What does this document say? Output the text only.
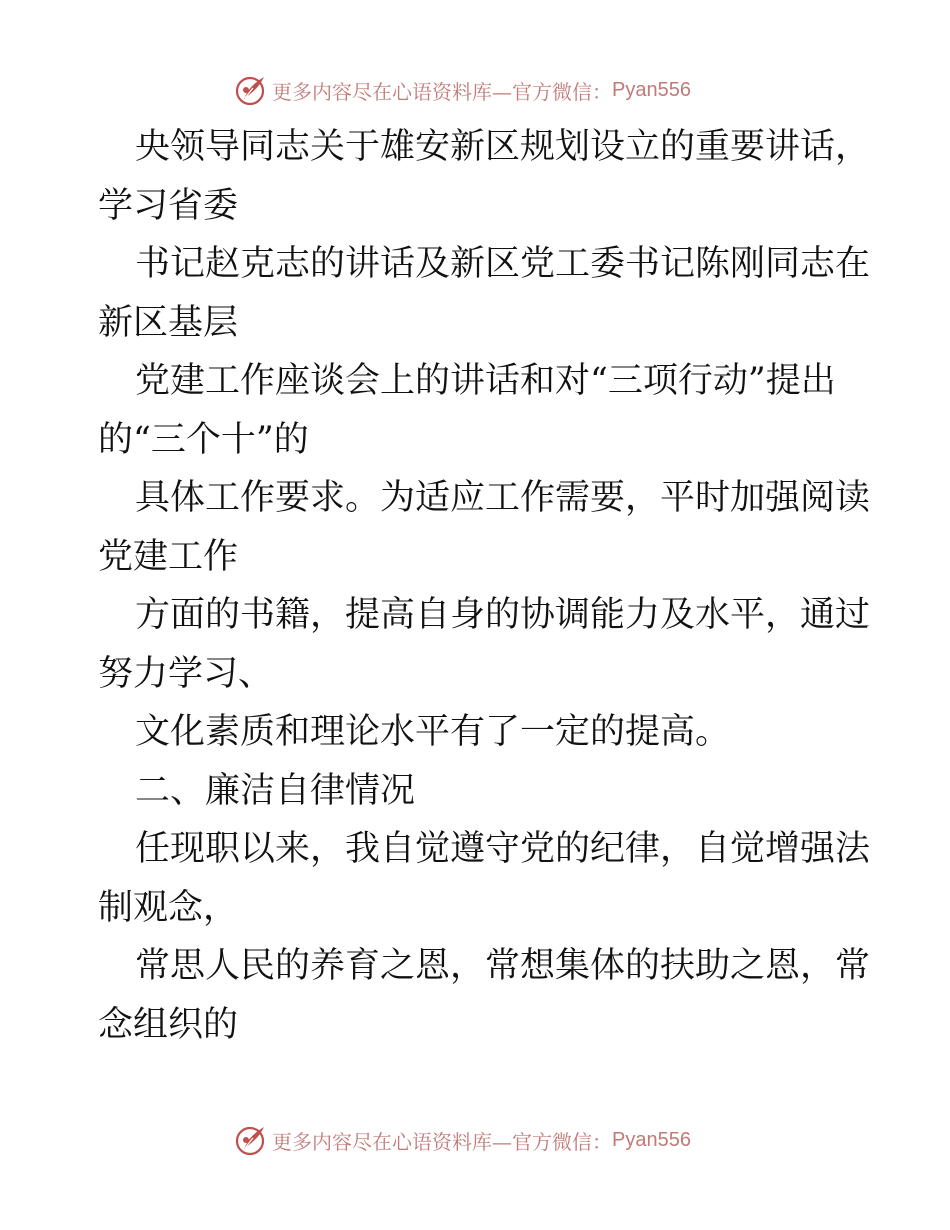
更多内容尽在心语资料库—官方微信： Pyan556
央领导同志关于雄安新区规划设立的重要讲话，
学习省委
书记赵克志的讲话及新区党工委书记陈刚同志在
新区基层
党建工作座谈会上的讲话和对“三项行动”提出
的“三个十”的
具体工作要求。为适应工作需要，平时加强阅读
党建工作
方面的书籍，提高自身的协调能力及水平，通过
努力学习、
文化素质和理论水平有了一定的提高。
二、廉洁自律情况
任现职以来，我自觉遵守党的纪律，自觉增强法
制观念，
常思人民的养育之恩，常想集体的扶助之恩，常
念组织的
更多内容尽在心语资料库—官方微信： Pyan556
